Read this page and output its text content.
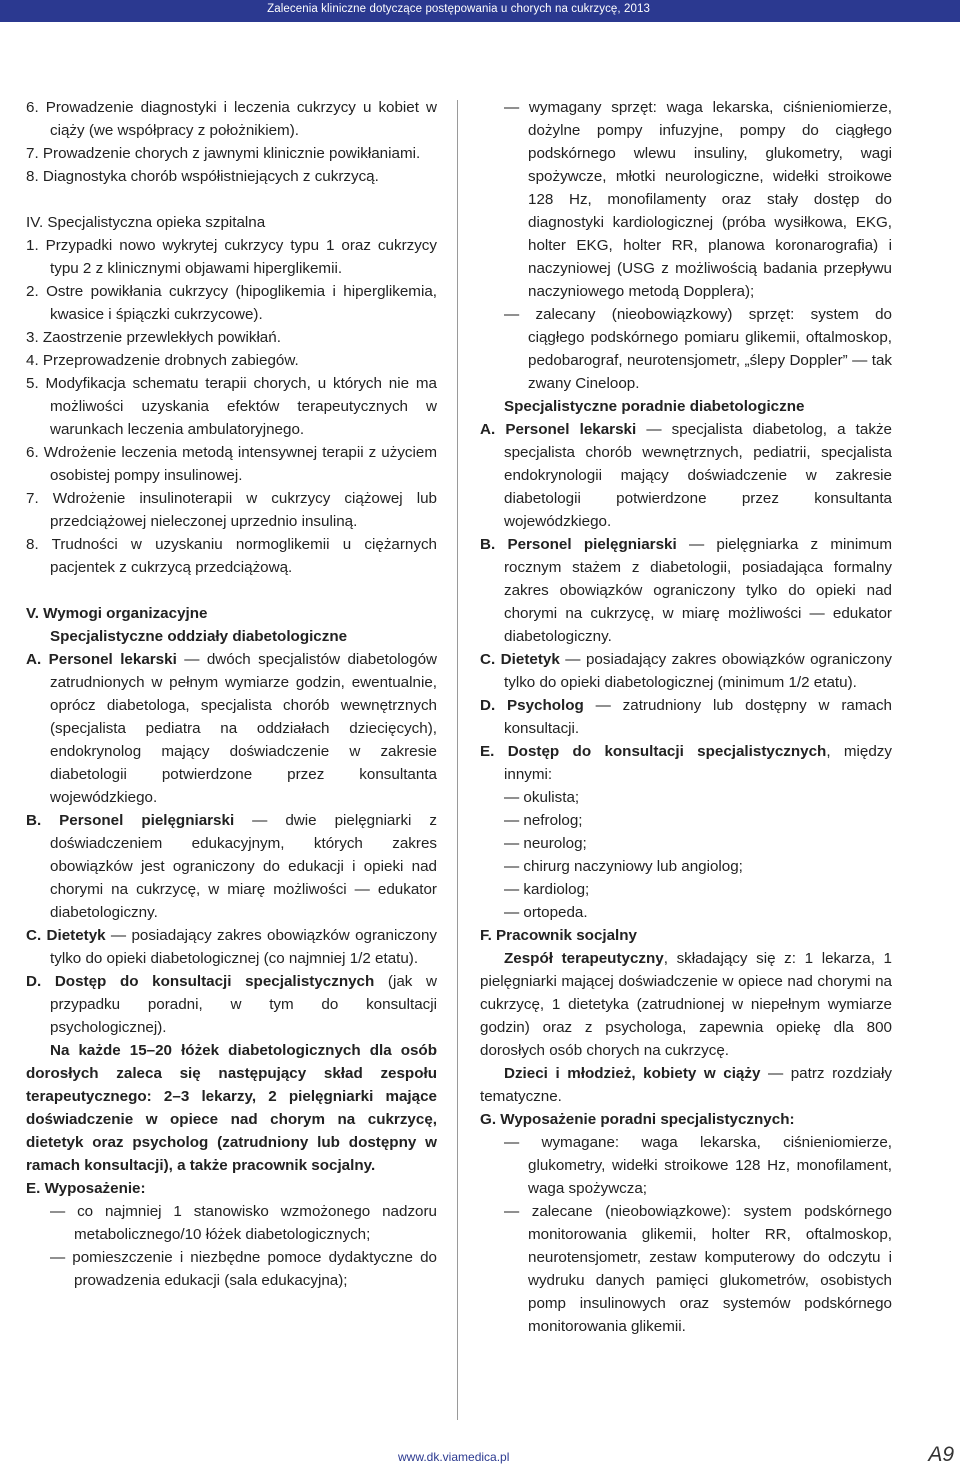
Zalecenia kliniczne dotyczące postępowania u chorych na cukrzycę, 2013

6. Prowadzenie diagnostyki i leczenia cukrzycy u kobiet w ciąży (we współpracy z położnikiem).

7. Prowadzenie chorych z jawnymi klinicznie powikłaniami.

8. Diagnostyka chorób współistniejących z cukrzycą.

IV. Specjalistyczna opieka szpitalna

1. Przypadki nowo wykrytej cukrzycy typu 1 oraz cukrzycy typu 2 z klinicznymi objawami hiperglikemii.

2. Ostre powikłania cukrzycy (hipoglikemia i hiperglikemia, kwasice i śpiączki cukrzycowe).

3. Zaostrzenie przewlekłych powikłań.

4. Przeprowadzenie drobnych zabiegów.

5. Modyfikacja schematu terapii chorych, u których nie ma możliwości uzyskania efektów terapeutycznych w warunkach leczenia ambulatoryjnego.

6. Wdrożenie leczenia metodą intensywnej terapii z użyciem osobistej pompy insulinowej.

7. Wdrożenie insulinoterapii w cukrzycy ciążowej lub przedciążowej nieleczonej uprzednio insuliną.

8. Trudności w uzyskaniu normoglikemii u ciężarnych pacjentek z cukrzycą przedciążową.

V. Wymogi organizacyjne

Specjalistyczne oddziały diabetologiczne

A. Personel lekarski — dwóch specjalistów diabetologów zatrudnionych w pełnym wymiarze godzin, ewentualnie, oprócz diabetologa, specjalista chorób wewnętrznych (specjalista pediatra na oddziałach dziecięcych), endokrynolog mający doświadczenie w zakresie diabetologii potwierdzone przez konsultanta wojewódzkiego.

B. Personel pielęgniarski — dwie pielęgniarki z doświadczeniem edukacyjnym, których zakres obowiązków jest ograniczony do edukacji i opieki nad chorymi na cukrzycę, w miarę możliwości — edukator diabetologiczny.

C. Dietetyk — posiadający zakres obowiązków ograniczony tylko do opieki diabetologicznej (co najmniej 1/2 etatu).

D. Dostęp do konsultacji specjalistycznych (jak w przypadku poradni, w tym do konsultacji psychologicznej).

Na każde 15–20 łóżek diabetologicznych dla osób dorosłych zaleca się następujący skład zespołu terapeutycznego: 2–3 lekarzy, 2 pielęgniarki mające doświadczenie w opiece nad chorym na cukrzycę, dietetyk oraz psycholog (zatrudniony lub dostępny w ramach konsultacji), a także pracownik socjalny.

E. Wyposażenie:

— co najmniej 1 stanowisko wzmożonego nadzoru metabolicznego/10 łóżek diabetologicznych;

— pomieszczenie i niezbędne pomoce dydaktyczne do prowadzenia edukacji (sala edukacyjna);

— wymagany sprzęt: waga lekarska, ciśnieniomierze, dożylne pompy infuzyjne, pompy do ciągłego podskórnego wlewu insuliny, glukometry, wagi spożywcze, młotki neurologiczne, widełki stroikowe 128 Hz, monofilamenty oraz stały dostęp do diagnostyki kardiologicznej (próba wysiłkowa, EKG, holter EKG, holter RR, planowa koronarografia) i naczyniowej (USG z możliwością badania przepływu naczyniowego metodą Dopplera);

— zalecany (nieobowiązkowy) sprzęt: system do ciągłego podskórnego pomiaru glikemii, oftalmoskop, pedobarograf, neurotensjometr, „ślepy Doppler” — tak zwany Cineloop.

Specjalistyczne poradnie diabetologiczne

A. Personel lekarski — specjalista diabetolog, a także specjalista chorób wewnętrznych, pediatrii, specjalista endokrynologii mający doświadczenie w zakresie diabetologii potwierdzone przez konsultanta wojewódzkiego.

B. Personel pielęgniarski — pielęgniarka z minimum rocznym stażem z diabetologii, posiadająca formalny zakres obowiązków ograniczony tylko do opieki nad chorymi na cukrzycę, w miarę możliwości — edukator diabetologiczny.

C. Dietetyk — posiadający zakres obowiązków ograniczony tylko do opieki diabetologicznej (minimum 1/2 etatu).

D. Psycholog — zatrudniony lub dostępny w ramach konsultacji.

E. Dostęp do konsultacji specjalistycznych, między innymi:

— okulista;

— nefrolog;

— neurolog;

— chirurg naczyniowy lub angiolog;

— kardiolog;

— ortopeda.

F. Pracownik socjalny

Zespół terapeutyczny, składający się z: 1 lekarza, 1 pielęgniarki mającej doświadczenie w opiece nad chorymi na cukrzycę, 1 dietetyka (zatrudnionej w niepełnym wymiarze godzin) oraz z psychologa, zapewnia opiekę dla 800 dorosłych osób chorych na cukrzycę.

Dzieci i młodzież, kobiety w ciąży — patrz rozdziały tematyczne.

G. Wyposażenie poradni specjalistycznych:

— wymagane: waga lekarska, ciśnieniomierze, glukometry, widełki stroikowe 128 Hz, monofilament, waga spożywcza;

— zalecane (nieobowiązkowe): system podskórnego monitorowania glikemii, holter RR, oftalmoskop, neurotensjometr, zestaw komputerowy do odczytu i wydruku danych pamięci glukometrów, osobistych pomp insulinowych oraz systemów podskórnego monitorowania glikemii.

www.dk.viamedica.pl	A9
